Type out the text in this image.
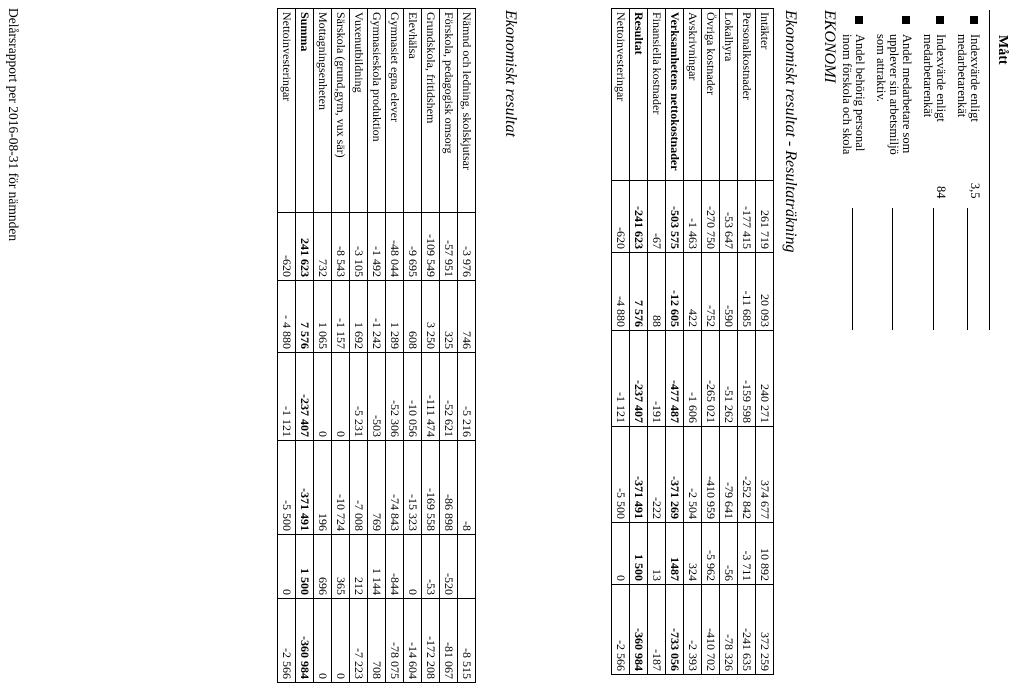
Mått
Indexvärde enligt medarbetarenkät
3,5
Indexvärde enligt medarbetarenkät
84
Andel medarbetare som upplever sin arbetsmiljö som attraktiv.
Andel behörig personal inom förskola och skola
EKONOMI
Ekonomiskt resultat - Resultaträkning
Intäkter	261 719	20 093	240 271	374 677	10 892	372 259
Personalkostnader	-177 415	-11 685	-159 598	-252 842	-3 711	-241 635
Lokalhyra	-53 647	-590	-51 262	-79 641	-56	-78 326
Övriga kostnader	-270 750	-752	-265 021	-410 959	-5 962	-410 702
Avskrivningar	-1 463	422	-1 606	-2 504	324	-2 393
Verksamhetens nettokostnader	-503 575	-12 605	-477 487	-371 269	1487	-733 056
Finansiella kostnader	-67	88	-191	-222	13	-187
Resultat	-241 623	7 576	-237 407	-371 491	1 500	-360 984
Nettoinvesteringar	-620	-4 880	-1 121	-5 500	0	-2 566
Ekonomiskt resultat
Nämnd och ledning, skolskjutsar	-3 976	746	-5 216	-8		-8 515
Förskola, pedagogisk omsorg	-57 951	325	-52 621	-86 898	-520	-81 067
Grundskola, fritidshem	-109 549	3 250	-111 474	-169 558	-53	-172 208
Elevhälsa	-9 695	608	-10 056	-15 323	0	-14 604
Gymnasiet egna elever	-48 044	1 289	-52 306	-74 843	-844	-78 075
Gymnasieskola produktion	-1 492	-1 242	-503	769	1 144	708
Vuxenutbildning	-3 105	1 692	-5 231	-7 008	212	-7 223
Särskola (grund,gym, vux sär)	-8 543	-1 157	0	-10 724	365	0
Mottagningsenheten	732	1 065	0	196	696	0
Summa	241 623	7 576	-237 407	-371 491	1 500	-360 984
Nettoinvesteringar	-620	- 4 880	-1 121	-5 500	0	-2 566
Delårsrapport per 2016-08-31 för nämnden
